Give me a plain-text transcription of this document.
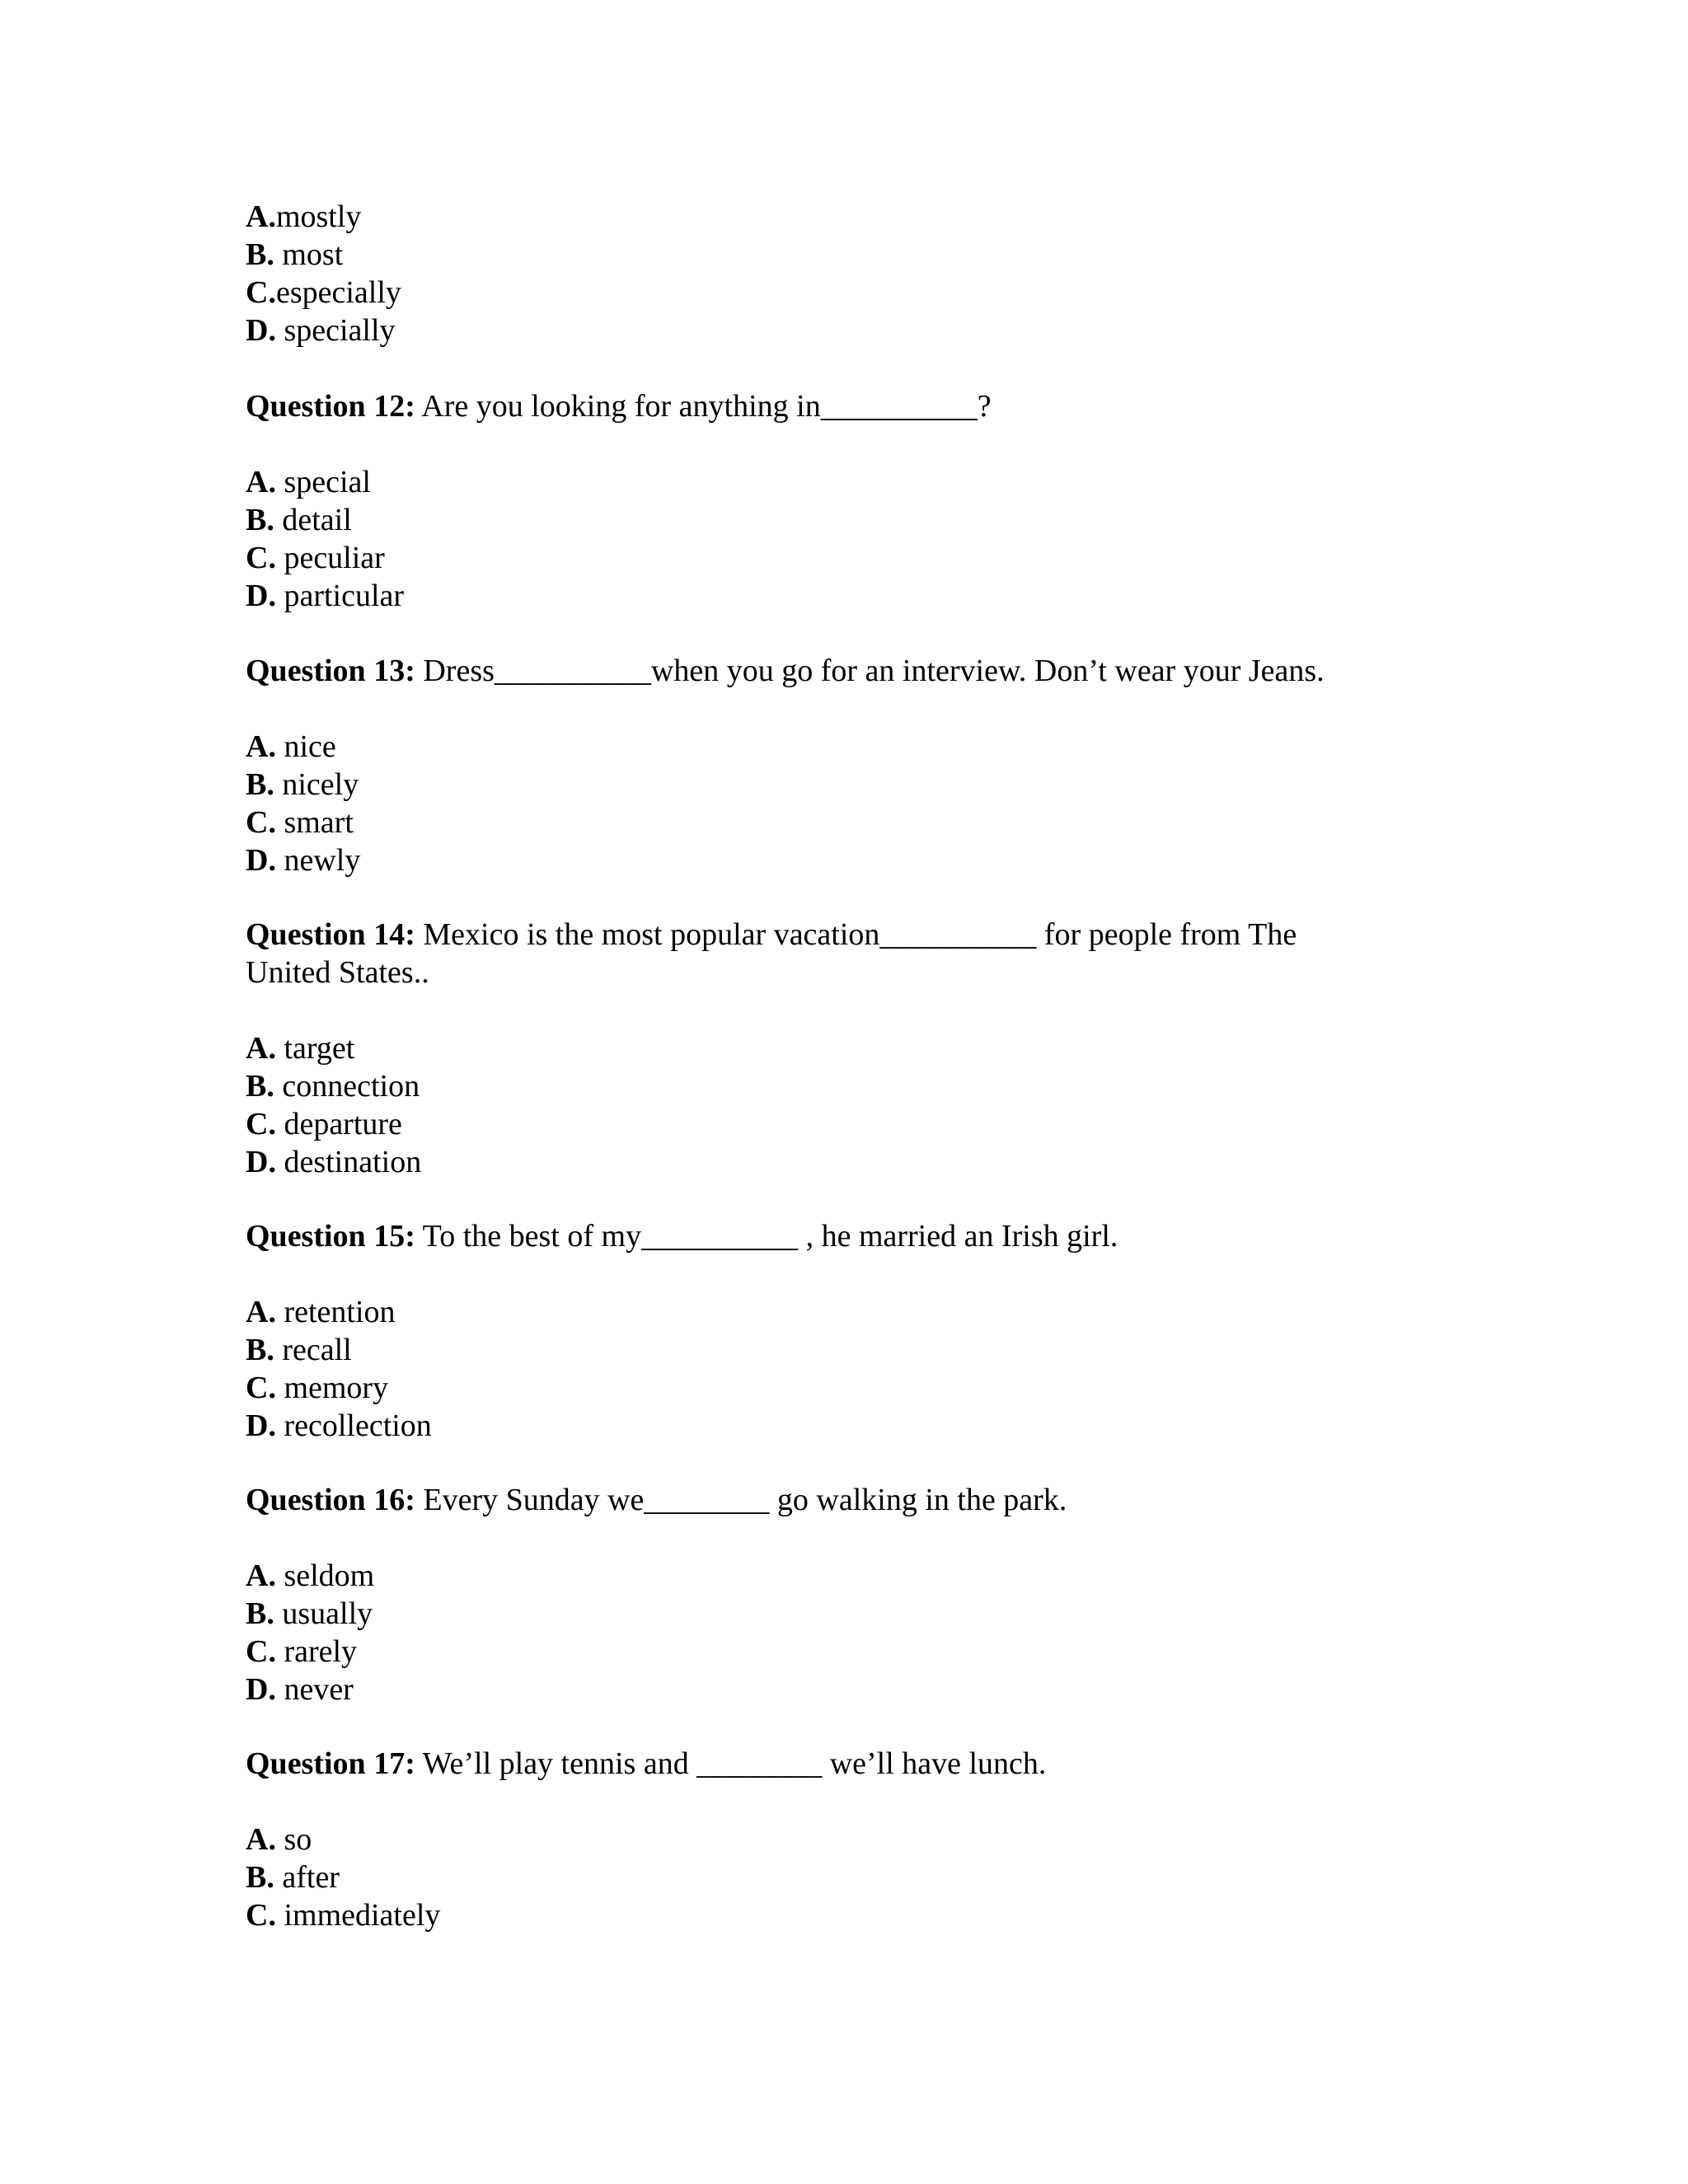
A.mostly
B. most
C.especially
D. specially
Question 12: Are you looking for anything in__________?
A. special
B. detail
C. peculiar
D. particular
Question 13: Dress__________when you go for an interview. Don’t wear your Jeans.
A. nice
B. nicely
C. smart
D. newly
Question 14: Mexico is the most popular vacation__________ for people from The
United States..
A. target
B. connection
C. departure
D. destination
Question 15: To the best of my__________ , he married an Irish girl.
A. retention
B. recall
C. memory
D. recollection
Question 16: Every Sunday we________ go walking in the park.
A. seldom
B. usually
C. rarely
D. never
Question 17: We’ll play tennis and ________ we’ll have lunch.
A. so
B. after
C. immediately
